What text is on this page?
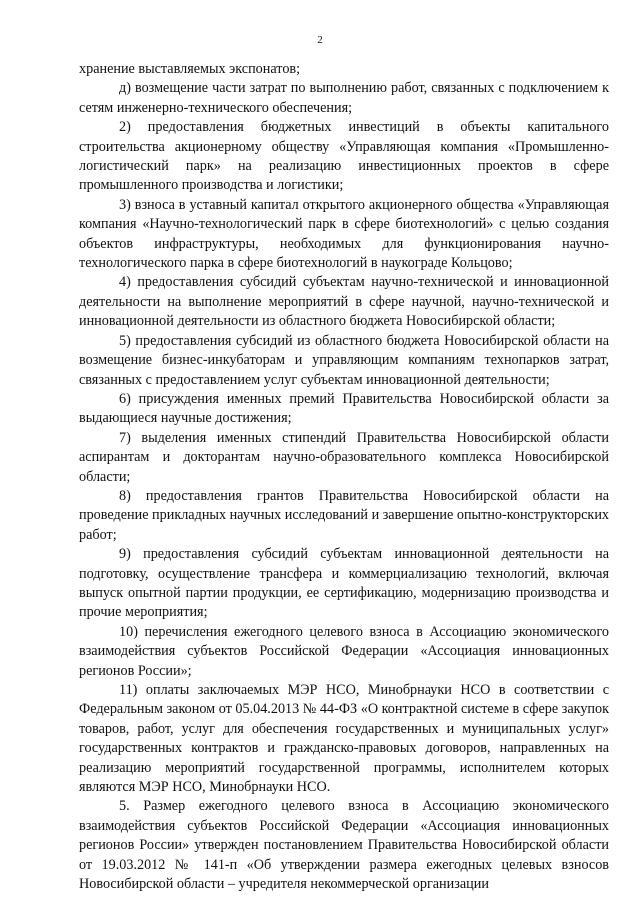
2

хранение выставляемых экспонатов;

д) возмещение части затрат по выполнению работ, связанных с подключением к сетям инженерно-технического обеспечения;

2) предоставления бюджетных инвестиций в объекты капитального строительства акционерному обществу «Управляющая компания «Промышленно-логистический парк» на реализацию инвестиционных проектов в сфере промышленного производства и логистики;

3) взноса в уставный капитал открытого акционерного общества «Управляющая компания «Научно-технологический парк в сфере биотехнологий» с целью создания объектов инфраструктуры, необходимых для функционирования научно-технологического парка в сфере биотехнологий в наукограде Кольцово;

4) предоставления субсидий субъектам научно-технической и инновационной деятельности на выполнение мероприятий в сфере научной, научно-технической и инновационной деятельности из областного бюджета Новосибирской области;

5) предоставления субсидий из областного бюджета Новосибирской области на возмещение бизнес-инкубаторам и управляющим компаниям технопарков затрат, связанных с предоставлением услуг субъектам инновационной деятельности;

6) присуждения именных премий Правительства Новосибирской области за выдающиеся научные достижения;

7) выделения именных стипендий Правительства Новосибирской области аспирантам и докторантам научно-образовательного комплекса Новосибирской области;

8) предоставления грантов Правительства Новосибирской области на проведение прикладных научных исследований и завершение опытно-конструкторских работ;

9) предоставления субсидий субъектам инновационной деятельности на подготовку, осуществление трансфера и коммерциализацию технологий, включая выпуск опытной партии продукции, ее сертификацию, модернизацию производства и прочие мероприятия;

10) перечисления ежегодного целевого взноса в Ассоциацию экономического взаимодействия субъектов Российской Федерации «Ассоциация инновационных регионов России»;

11) оплаты заключаемых МЭР НСО, Минобрнауки НСО в соответствии с Федеральным законом от 05.04.2013 № 44-ФЗ «О контрактной системе в сфере закупок товаров, работ, услуг для обеспечения государственных и муниципальных услуг» государственных контрактов и гражданско-правовых договоров, направленных на реализацию мероприятий государственной программы, исполнителем которых являются МЭР НСО, Минобрнауки НСО.

5. Размер ежегодного целевого взноса в Ассоциацию экономического взаимодействия субъектов Российской Федерации «Ассоциация инновационных регионов России» утвержден постановлением Правительства Новосибирской области от 19.03.2012 № 141-п «Об утверждении размера ежегодных целевых взносов Новосибирской области – учредителя некоммерческой организации
